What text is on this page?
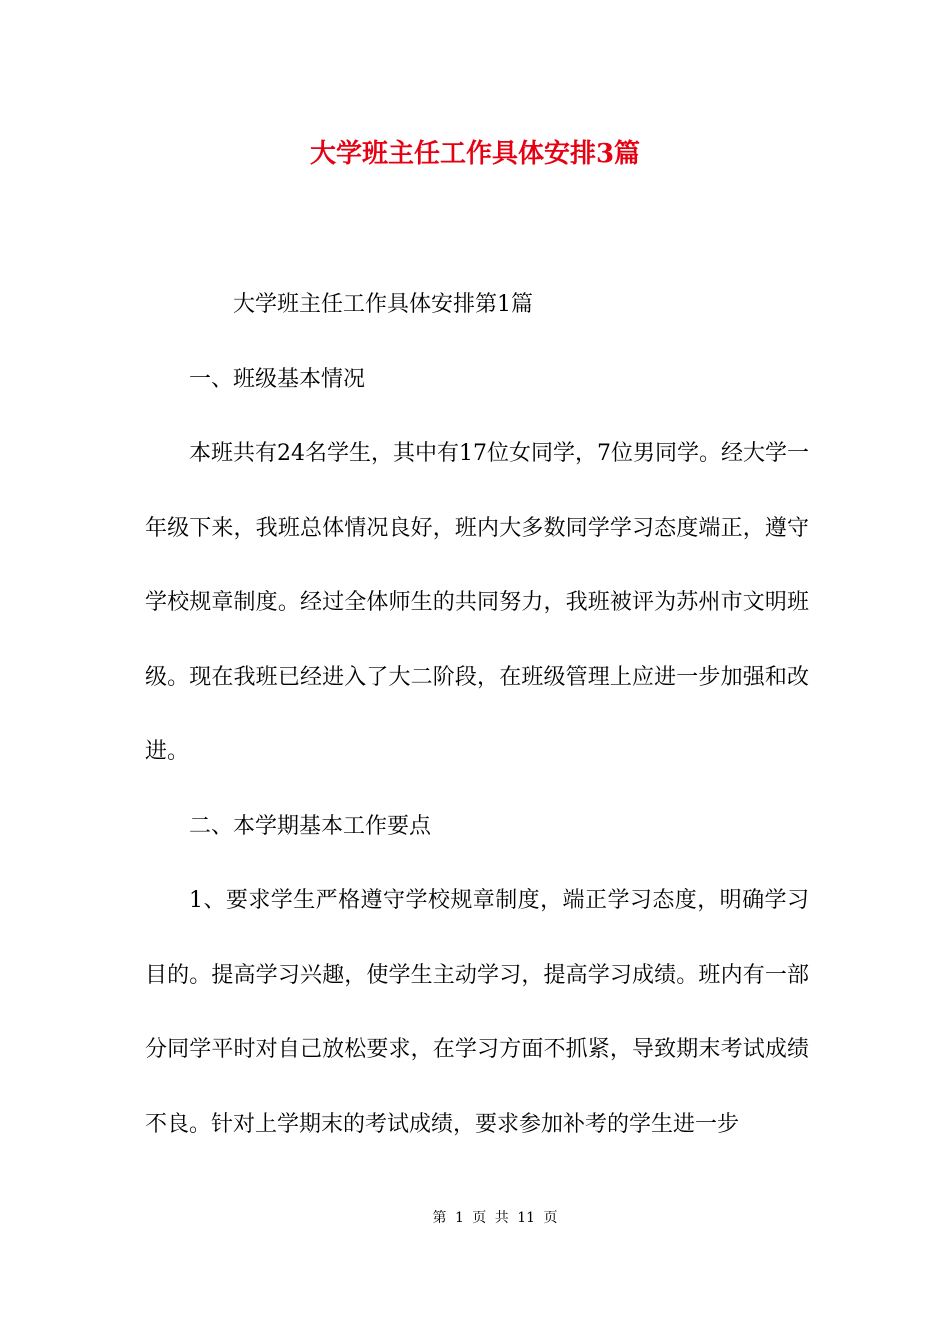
大学班主任工作具体安排3篇

大学班主任工作具体安排第1篇

一、班级基本情况

本班共有24名学生，其中有17位女同学，7位男同学。经大学一年级下来，我班总体情况良好，班内大多数同学学习态度端正，遵守学校规章制度。经过全体师生的共同努力，我班被评为苏州市文明班级。现在我班已经进入了大二阶段，在班级管理上应进一步加强和改进。

二、本学期基本工作要点

1、要求学生严格遵守学校规章制度，端正学习态度，明确学习目的。提高学习兴趣，使学生主动学习，提高学习成绩。班内有一部分同学平时对自己放松要求，在学习方面不抓紧，导致期末考试成绩不良。针对上学期末的考试成绩，要求参加补考的学生进一步

第 1 页 共 11 页
